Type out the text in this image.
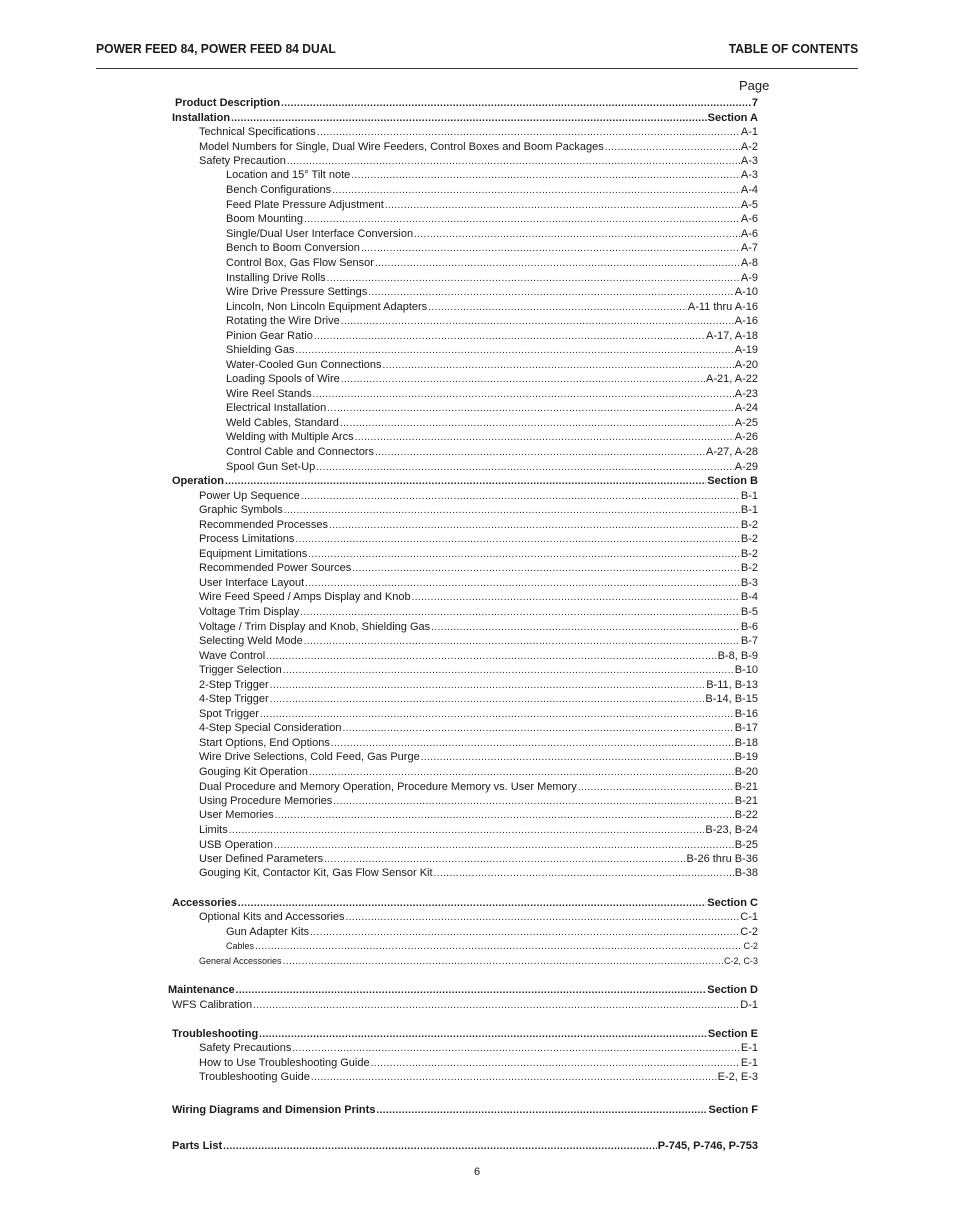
POWER FEED 84, POWER FEED 84 DUAL	TABLE OF CONTENTS
Page
Product Description .....	7
Installation .....	Section A
Technical Specifications .....	A-1
Model Numbers for Single, Dual Wire Feeders, Control Boxes and Boom Packages .....	A-2
Safety Precaution .....	A-3
Location and 15° Tilt note .....	A-3
Bench Configurations .....	A-4
Feed Plate Pressure Adjustment .....	A-5
Boom Mounting .....	A-6
Single/Dual User Interface Conversion .....	A-6
Bench to Boom Conversion .....	A-7
Control Box, Gas Flow Sensor .....	A-8
Installing Drive Rolls .....	A-9
Wire Drive Pressure Settings .....	A-10
Lincoln, Non Lincoln Equipment Adapters .....	A-11 thru A-16
Rotating the Wire Drive .....	A-16
Pinion Gear Ratio .....	A-17, A-18
Shielding Gas .....	A-19
Water-Cooled Gun Connections .....	A-20
Loading Spools of Wire .....	A-21, A-22
Wire Reel Stands .....	A-23
Electrical Installation .....	A-24
Weld Cables, Standard .....	A-25
Welding with Multiple Arcs .....	A-26
Control Cable and Connectors .....	A-27, A-28
Spool Gun Set-Up .....	A-29
Operation .....	Section B
Power Up Sequence .....	B-1
Graphic Symbols .....	B-1
Recommended Processes .....	B-2
Process Limitations .....	B-2
Equipment Limitations .....	B-2
Recommended Power Sources .....	B-2
User Interface Layout .....	B-3
Wire Feed Speed / Amps Display and Knob .....	B-4
Voltage Trim Display .....	B-5
Voltage / Trim Display and Knob, Shielding Gas .....	B-6
Selecting Weld Mode .....	B-7
Wave Control .....	B-8, B-9
Trigger Selection .....	B-10
2-Step Trigger .....	B-11, B-13
4-Step Trigger .....	B-14, B-15
Spot Trigger .....	B-16
4-Step Special Consideration .....	B-17
Start Options, End Options .....	B-18
Wire Drive Selections, Cold Feed, Gas Purge .....	B-19
Gouging Kit Operation .....	B-20
Dual Procedure and Memory Operation, Procedure Memory vs. User Memory .....	B-21
Using Procedure Memories .....	B-21
User Memories .....	B-22
Limits .....	B-23, B-24
USB Operation .....	B-25
User Defined Parameters .....	B-26 thru B-36
Gouging Kit, Contactor Kit, Gas Flow Sensor Kit .....	B-38
Accessories .....	Section C
Optional Kits and Accessories .....	C-1
Gun Adapter Kits .....	C-2
Cables .....	C-2
General Accessories .....	C-2, C-3
Maintenance .....	Section D
WFS Calibration .....	D-1
Troubleshooting .....	Section E
Safety Precautions .....	E-1
How to Use Troubleshooting Guide .....	E-1
Troubleshooting Guide .....	E-2, E-3
Wiring Diagrams and Dimension Prints .....	Section F
Parts List .....	P-745, P-746, P-753
6
